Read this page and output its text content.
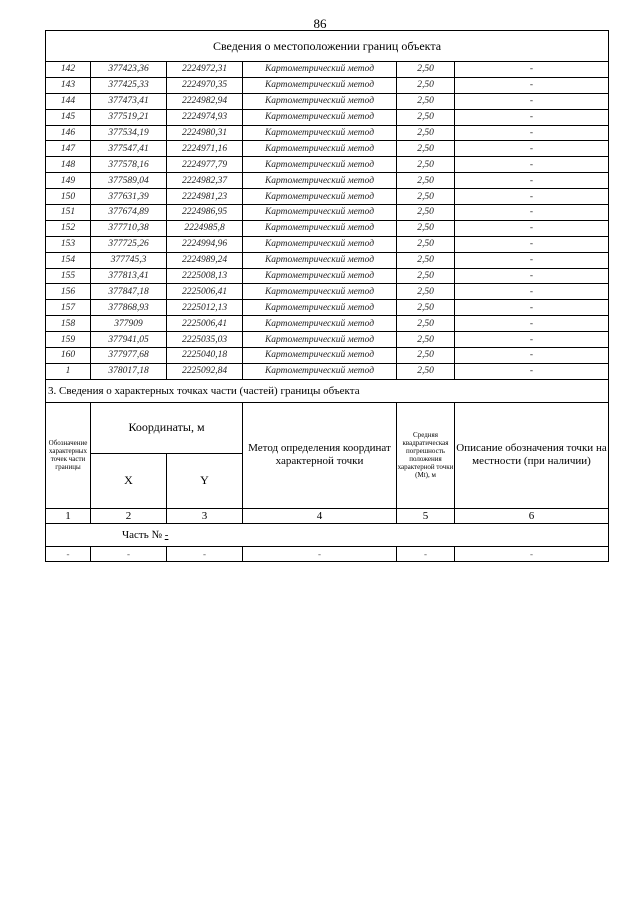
86
Сведения о местоположении границ объекта					
142	377423,36	2224972,31	Картометрический метод	2,50	-
143	377425,33	2224970,35	Картометрический метод	2,50	-
144	377473,41	2224982,94	Картометрический метод	2,50	-
145	377519,21	2224974,93	Картометрический метод	2,50	-
146	377534,19	2224980,31	Картометрический метод	2,50	-
147	377547,41	2224971,16	Картометрический метод	2,50	-
148	377578,16	2224977,79	Картометрический метод	2,50	-
149	377589,04	2224982,37	Картометрический метод	2,50	-
150	377631,39	2224981,23	Картометрический метод	2,50	-
151	377674,89	2224986,95	Картометрический метод	2,50	-
152	377710,38	2224985,8	Картометрический метод	2,50	-
153	377725,26	2224994,96	Картометрический метод	2,50	-
154	377745,3	2224989,24	Картометрический метод	2,50	-
155	377813,41	2225008,13	Картометрический метод	2,50	-
156	377847,18	2225006,41	Картометрический метод	2,50	-
157	377868,93	2225012,13	Картометрический метод	2,50	-
158	377909	2225006,41	Картометрический метод	2,50	-
159	377941,05	2225035,03	Картометрический метод	2,50	-
160	377977,68	2225040,18	Картометрический метод	2,50	-
1	378017,18	2225092,84	Картометрический метод	2,50	-
3. Сведения о характерных точках части (частей) границы объекта					
Обозначение характерных точек части границы	Координаты, м		Метод определения координат характерной точки	Средняя квадратическая погрешность положения характерной точки (Mt), м	Описание обозначения точки на местности (при наличии)
	X	Y			
1	2	3	4	5	6
Часть № -					
-	-	-	-	-	-
